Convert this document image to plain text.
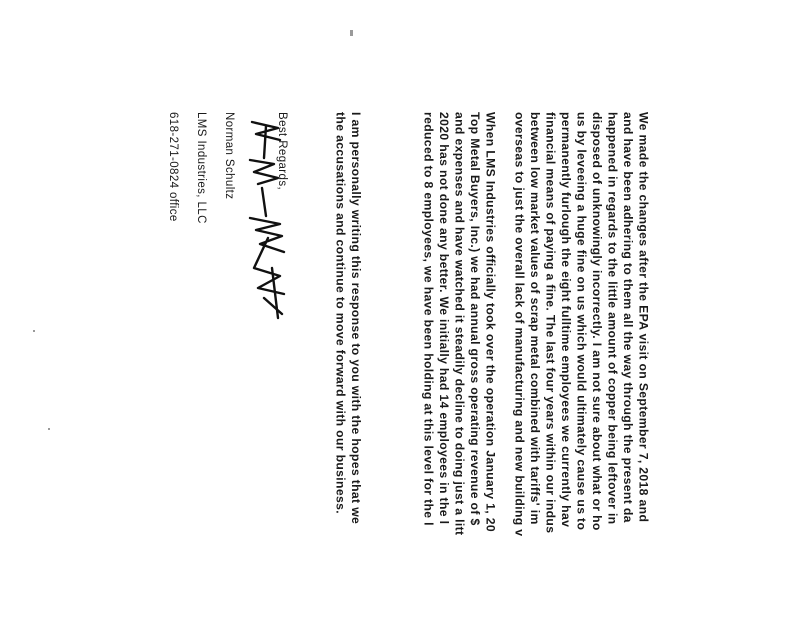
We made the changes after the EPA visit on September 7, 2018 and
and have been adhering to them all the way through the present da
happened in regards to the little amount of copper being leftover in
disposed of unknowingly incorrectly. I am not sure about what or ho
us by leveeing a huge fine on us which would ultimately cause us to
permanently furlough the eight fulltime employees we currently hav
financial means of paying a fine. The last four years within our indus
between low market values of scrap metal combined with tariffs' im
overseas to just the overall lack of manufacturing and new building v
When LMS Industries officially took over the operation January 1, 20
Top Metal Buyers, Inc.) we had annual gross operating revenue of $
and expenses and have watched it steadily decline to doing just a litt
2020 has not done any better. We initially had 14 employees in the l
reduced to 8 employees, we have been holding at this level for the l
I am personally writing this response to you with the hopes that we
the accusations and continue to move forward with our business.
Best Regards,
Norman Schultz
LMS Industries, LLC
618-271-0824 office
